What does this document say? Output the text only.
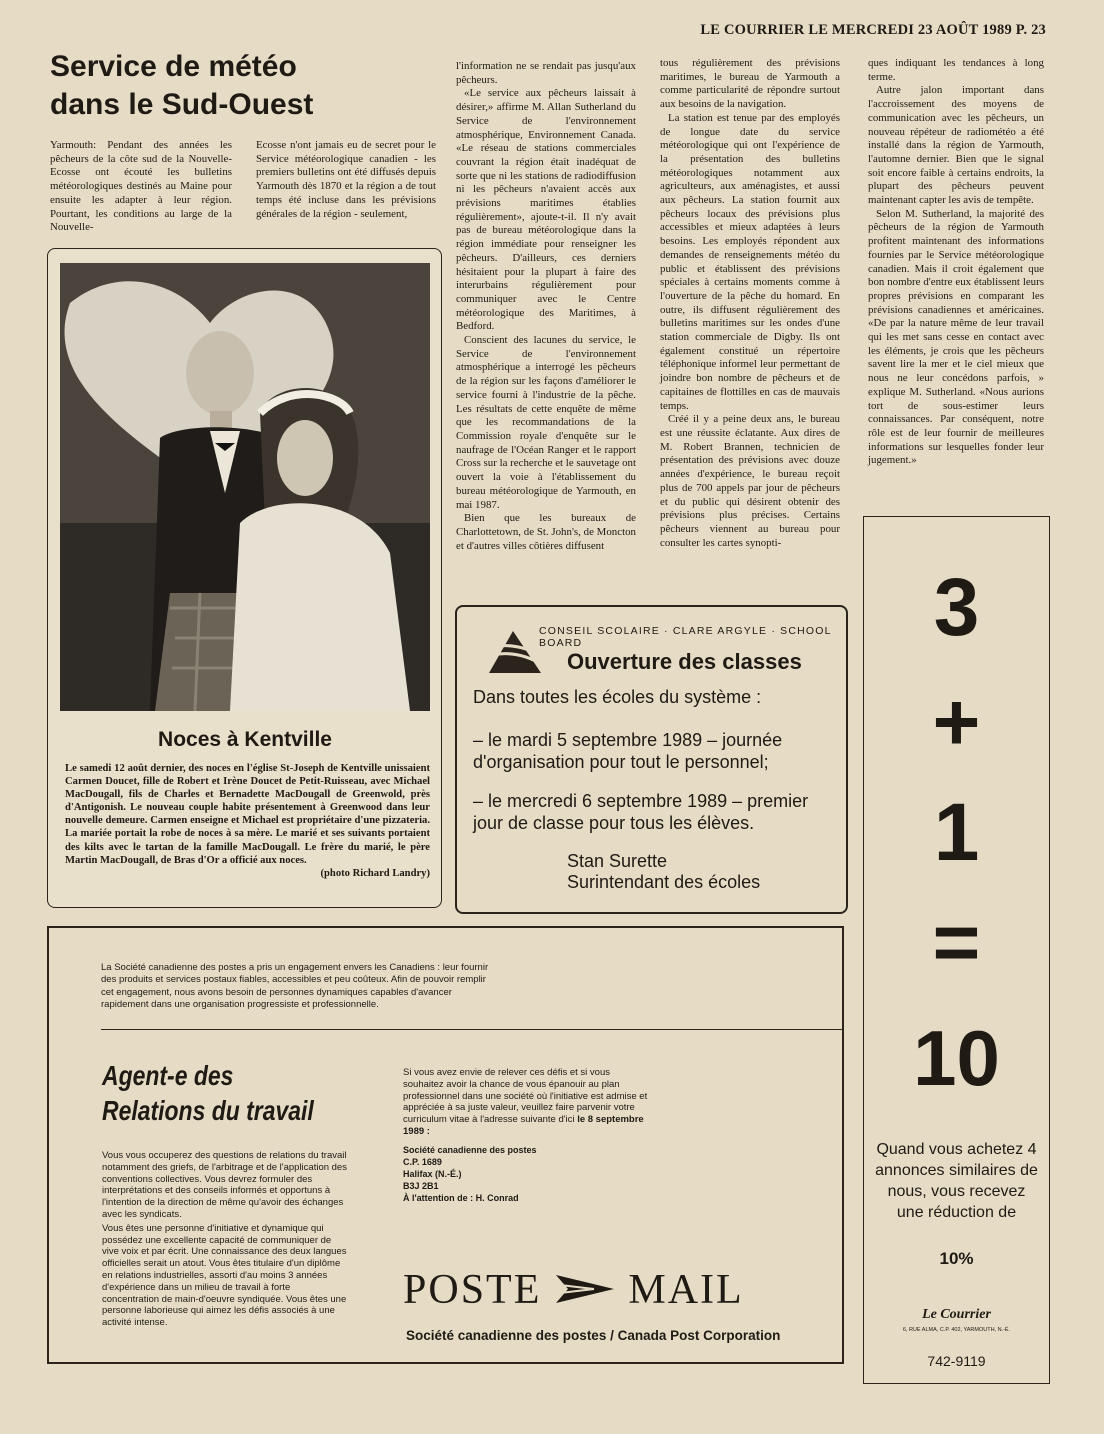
LE COURRIER LE MERCREDI 23 AOÛT 1989 P. 23
Service de météo dans le Sud-Ouest

Yarmouth: Pendant des années les pêcheurs de la côte sud de la Nouvelle-Ecosse ont écouté les bulletins météorologiques destinés au Maine pour ensuite les adapter à leur région. Pourtant, les conditions au large de la Nouvelle-

Ecosse n'ont jamais eu de secret pour le Service météorologique canadien - les premiers bulletins ont été diffusés depuis Yarmouth dès 1870 et la région a de tout temps été incluse dans les prévisions générales de la région - seulement,

l'information ne se rendait pas jusqu'aux pêcheurs.

«Le service aux pêcheurs laissait à désirer,» affirme M. Allan Sutherland du Service de l'environnement atmosphérique, Environnement Canada. «Le réseau de stations commerciales couvrant la région était inadéquat de sorte que ni les stations de radiodiffusion ni les pêcheurs n'avaient accès aux prévisions maritimes établies régulièrement», ajoute-t-il. Il n'y avait pas de bureau météorologique dans la région immédiate pour renseigner les pêcheurs. D'ailleurs, ces derniers hésitaient pour la plupart à faire des interurbains régulièrement pour communiquer avec le Centre météorologique des Maritimes, à Bedford.

Conscient des lacunes du service, le Service de l'environnement atmosphérique a interrogé les pêcheurs de la région sur les façons d'améliorer le service fourni à l'industrie de la pêche. Les résultats de cette enquête de même que les recommandations de la Commission royale d'enquête sur le naufrage de l'Océan Ranger et le rapport Cross sur la recherche et le sauvetage ont ouvert la voie à l'établissement du bureau météorologique de Yarmouth, en mai 1987.

Bien que les bureaux de Charlottetown, de St. John's, de Moncton et d'autres villes côtières diffusent

tous régulièrement des prévisions maritimes, le bureau de Yarmouth a comme particularité de répondre surtout aux besoins de la navigation.

La station est tenue par des employés de longue date du service météorologique qui ont l'expérience de la présentation des bulletins météorologiques notamment aux agriculteurs, aux aménagistes, et aussi aux pêcheurs. La station fournit aux pêcheurs locaux des prévisions plus accessibles et mieux adaptées à leurs besoins. Les employés répondent aux demandes de renseignements météo du public et établissent des prévisions spéciales à certains moments comme à l'ouverture de la pêche du homard. En outre, ils diffusent régulièrement des bulletins maritimes sur les ondes d'une station commerciale de Digby. Ils ont également constitué un répertoire téléphonique informel leur permettant de joindre bon nombre de pêcheurs et de capitaines de flottilles en cas de mauvais temps.

Créé il y a peine deux ans, le bureau est une réussite éclatante. Aux dires de M. Robert Brannen, technicien de présentation des prévisions avec douze années d'expérience, le bureau reçoit plus de 700 appels par jour de pêcheurs et du public qui désirent obtenir des prévisions plus précises. Certains pêcheurs viennent au bureau pour consulter les cartes synopti-

ques indiquant les tendances à long terme.

Autre jalon important dans l'accroissement des moyens de communication avec les pêcheurs, un nouveau répéteur de radiométéo a été installé dans la région de Yarmouth, l'automne dernier. Bien que le signal soit encore faible à certains endroits, la plupart des pêcheurs peuvent maintenant capter les avis de tempête.

Selon M. Sutherland, la majorité des pêcheurs de la région de Yarmouth profitent maintenant des informations fournies par le Service météorologique canadien. Mais il croit également que bon nombre d'entre eux établissent leurs propres prévisions en comparant les prévisions canadiennes et américaines. «De par la nature même de leur travail qui les met sans cesse en contact avec les éléments, je crois que les pêcheurs savent lire la mer et le ciel mieux que nous ne leur concédons parfois, » explique M. Sutherland. «Nous aurions tort de sous-estimer leurs connaissances. Par conséquent, notre rôle est de leur fournir de meilleures informations sur lesquelles fonder leur jugement.»

Noces à Kentville
Le samedi 12 août dernier, des noces en l'église St-Joseph de Kentville unissaient Carmen Doucet, fille de Robert et Irène Doucet de Petit-Ruisseau, avec Michael MacDougall, fils de Charles et Bernadette MacDougall de Greenwold, près d'Antigonish. Le nouveau couple habite présentement à Greenwood dans leur nouvelle demeure. Carmen enseigne et Michael est propriétaire d'une pizzateria. La mariée portait la robe de noces à sa mère. Le marié et ses suivants portaient des kilts avec le tartan de la famille MacDougall. Le frère du marié, le père Martin MacDougall, de Bras d'Or a officié aux noces.
(photo Richard Landry)
CONSEIL SCOLAIRE · CLARE ARGYLE · SCHOOL BOARD
Ouverture des classes
Dans toutes les écoles du système :
– le mardi 5 septembre 1989 – journée d'organisation pour tout le personnel;
– le mercredi 6 septembre 1989 – premier jour de classe pour tous les élèves.
Stan Surette
Surintendant des écoles
3
+
1
=
10
Quand vous achetez 4 annonces similaires de nous, vous recevez une réduction de
10%
Le Courrier
6, RUE ALMA, C.P. 402, YARMOUTH, N.-É.
742-9119
La Société canadienne des postes a pris un engagement envers les Canadiens : leur fournir des produits et services postaux fiables, accessibles et peu coûteux. Afin de pouvoir remplir cet engagement, nous avons besoin de personnes dynamiques capables d'avancer rapidement dans une organisation progressiste et professionnelle.
Agent-e des
Relations du travail

Vous vous occuperez des questions de relations du travail notamment des griefs, de l'arbitrage et de l'application des conventions collectives. Vous devrez formuler des interprétations et des conseils informés et opportuns à l'intention de la direction de même qu'avoir des échanges avec les syndicats.

Vous êtes une personne d'initiative et dynamique qui possédez une excellente capacité de communiquer de vive voix et par écrit. Une connaissance des deux langues officielles serait un atout. Vous êtes titulaire d'un diplôme en relations industrielles, assorti d'au moins 3 années d'expérience dans un milieu de travail à forte concentration de main-d'oeuvre syndiquée. Vous êtes une personne laborieuse qui aimez les défis associés à une activité intense.

Si vous avez envie de relever ces défis et si vous souhaitez avoir la chance de vous épanouir au plan professionnel dans une société où l'initiative est admise et appréciée à sa juste valeur, veuillez faire parvenir votre curriculum vitae à l'adresse suivante d'ici le 8 septembre 1989 :

Société canadienne des postes
C.P. 1689
Halifax (N.-É.)
B3J 2B1
À l'attention de : H. Conrad
POSTE MAIL
Société canadienne des postes / Canada Post Corporation
